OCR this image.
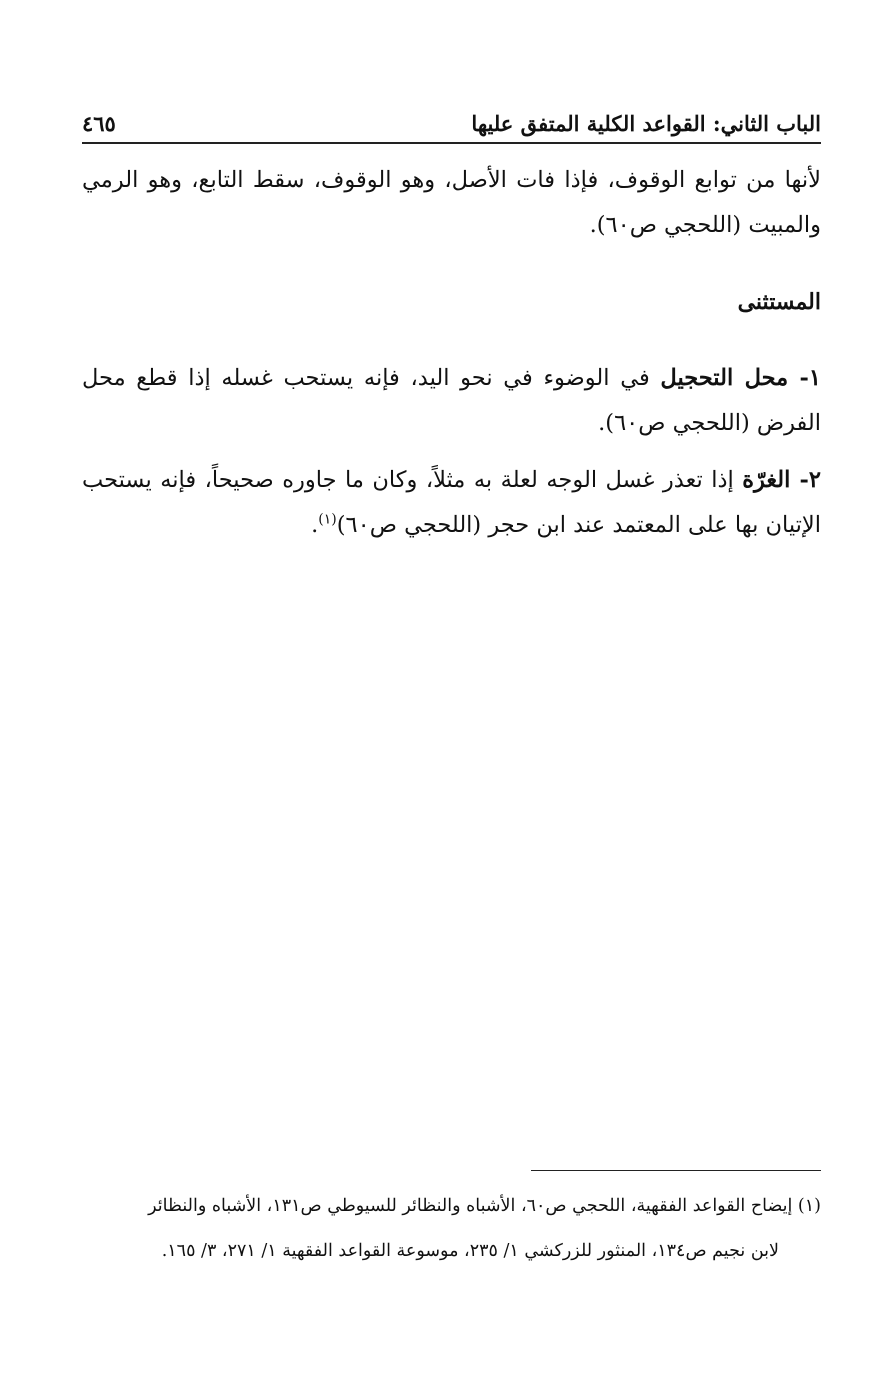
الباب الثاني: القواعد الكلية المتفق عليها
٤٦٥

لأنها من توابع الوقوف، فإذا فات الأصل، وهو الوقوف، سقط التابع، وهو الرمي والمبيت (اللحجي ص٦٠).

المستثنى

١- محل التحجيل في الوضوء في نحو اليد، فإنه يستحب غسله إذا قطع محل الفرض (اللحجي ص٦٠).

٢- الغرّة إذا تعذر غسل الوجه لعلة به مثلاً، وكان ما جاوره صحيحاً، فإنه يستحب الإتيان بها على المعتمد عند ابن حجر (اللحجي ص٦٠)$^{(١)}$.

(١) إيضاح القواعد الفقهية، اللحجي ص٦٠، الأشباه والنظائر للسيوطي ص١٣١، الأشباه والنظائر

لابن نجيم ص١٣٤، المنثور للزركشي ١/ ٢٣٥، موسوعة القواعد الفقهية ١/ ٢٧١، ٣/ ١٦٥.
